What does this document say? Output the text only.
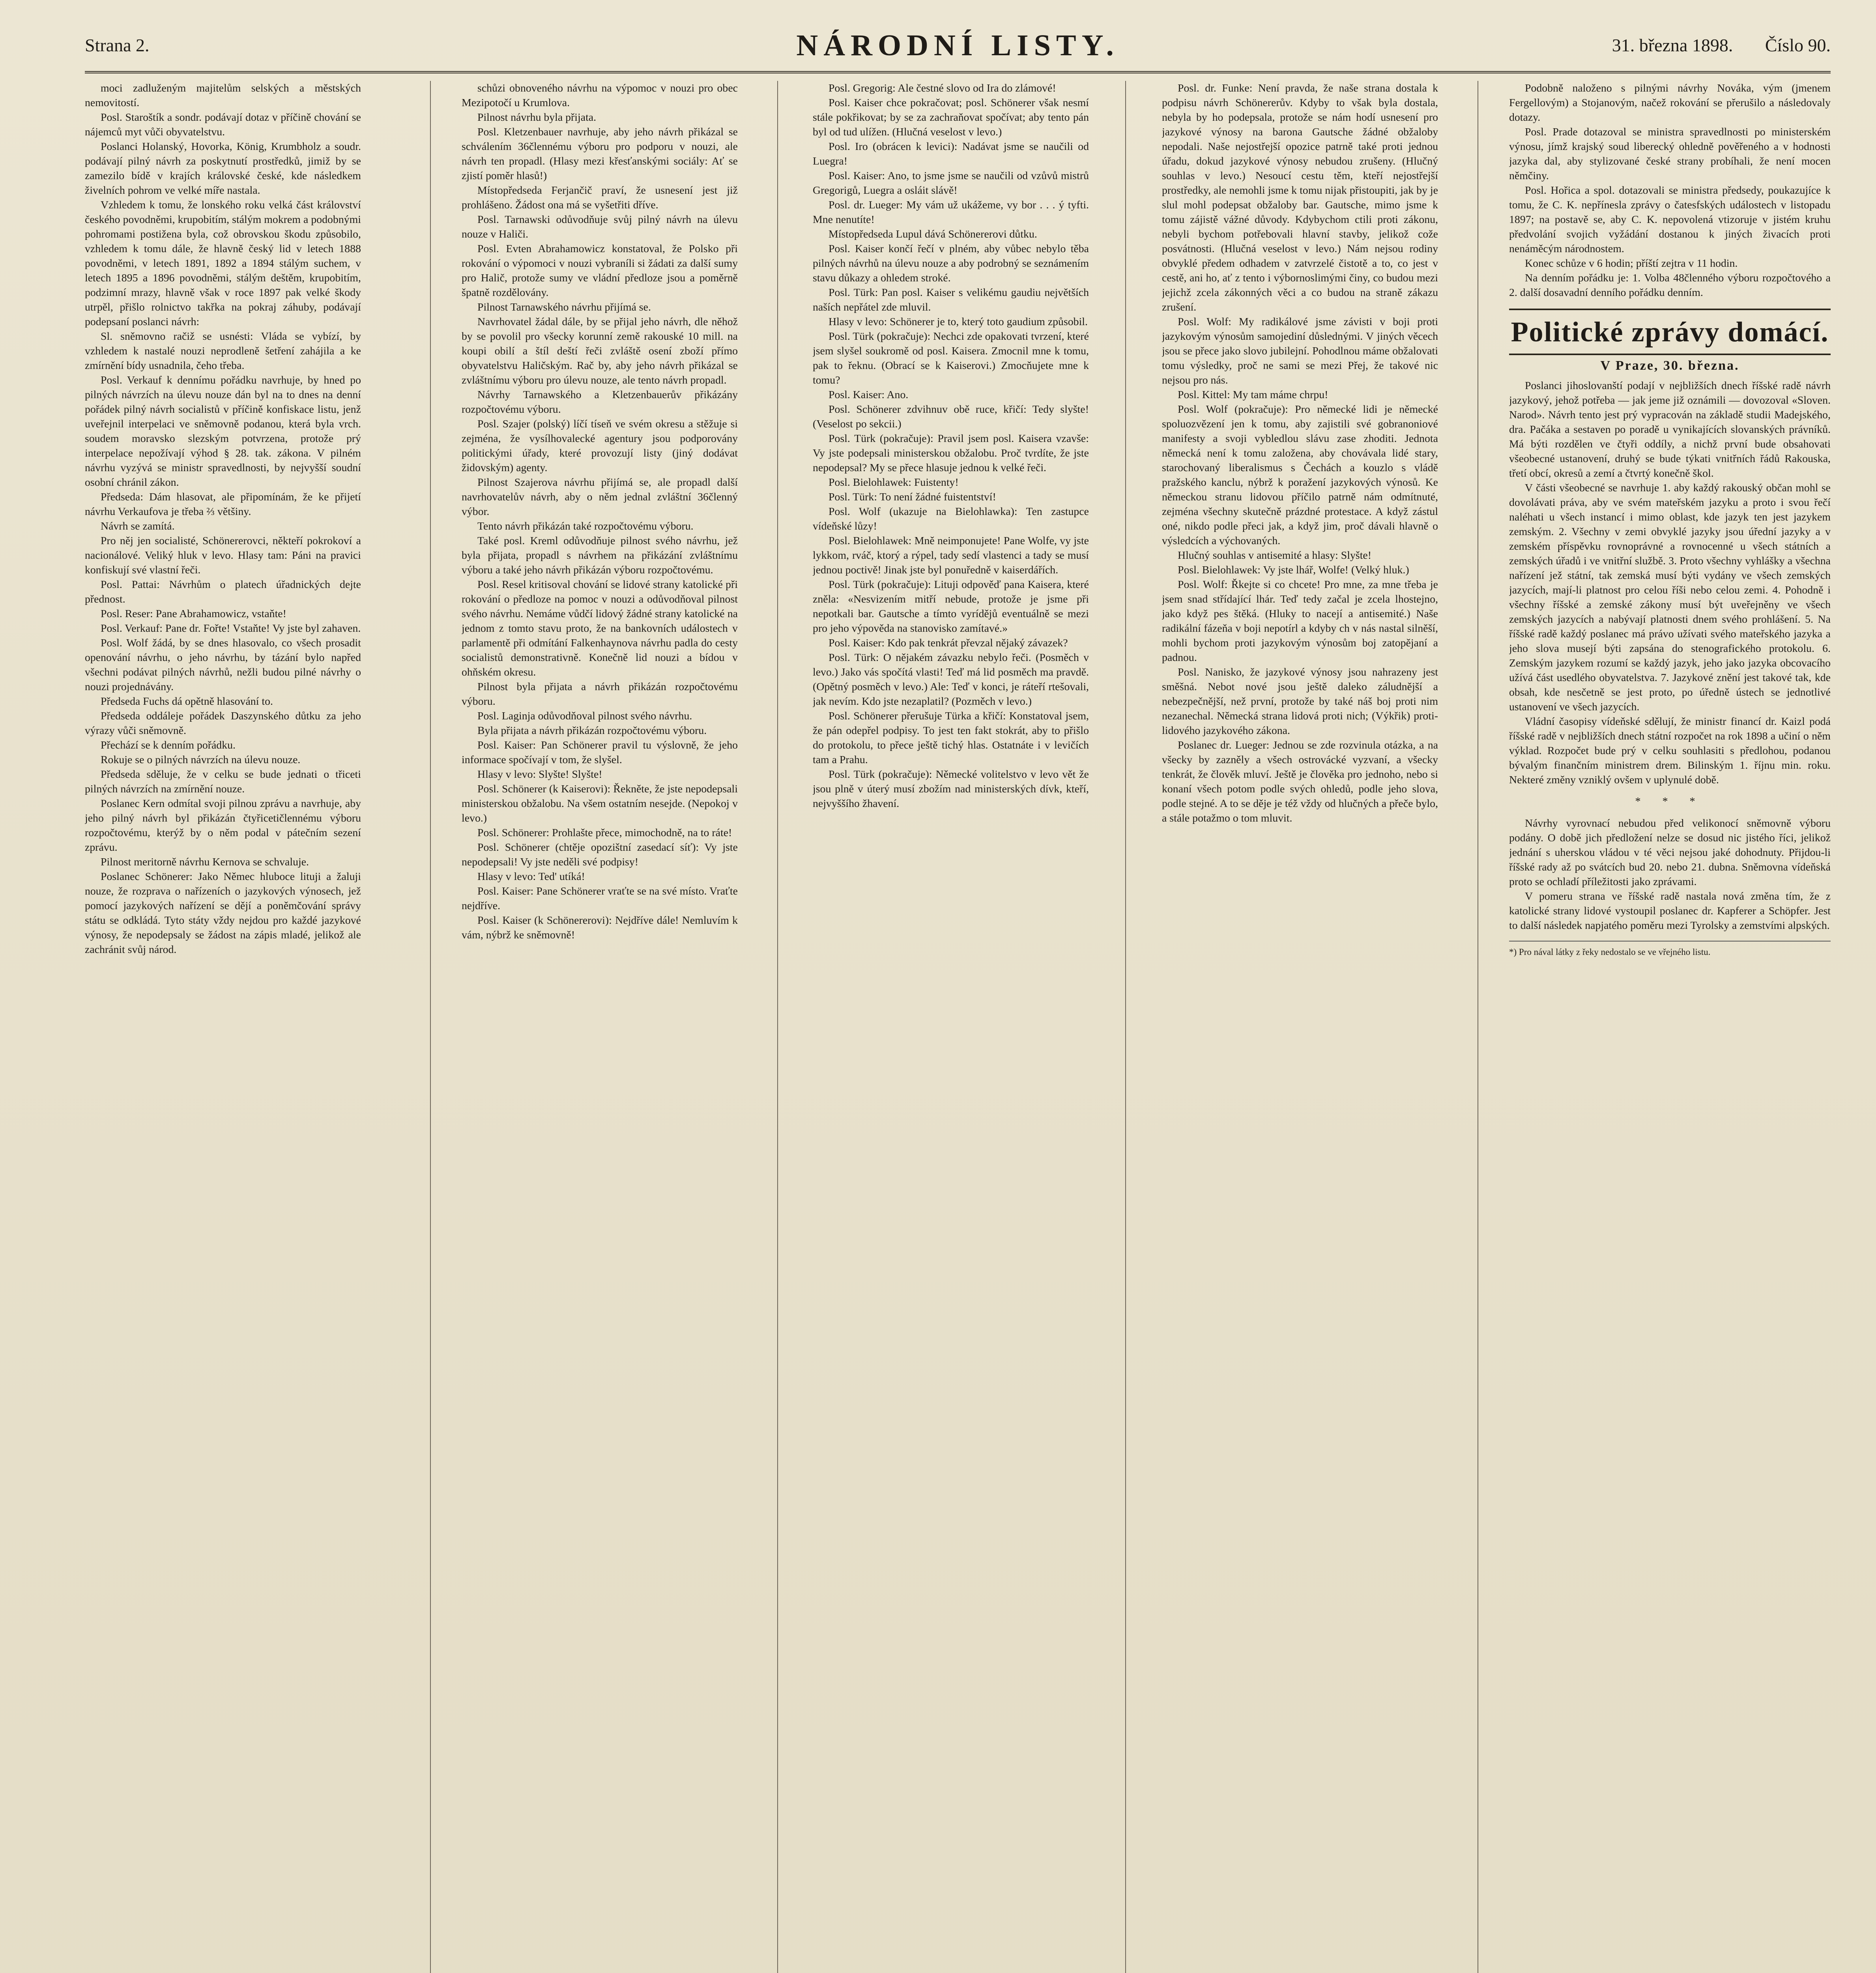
Strana 2.	NÁRODNÍ LISTY.	31. března 1898. Číslo 90.

moci zadluženým majitelům selských a městských nemovitostí.

Posl. Staroštík a sondr. podávají dotaz v příčině chování se nájemců myt vůči obyvatelstvu.

Poslanci Holanský, Hovorka, König, Krumbholz a soudr. podávají pilný návrh za poskytnutí prostředků, jimiž by se zamezilo bídě v krajích královské české, kde následkem živelních pohrom ve velké míře nastala.

Vzhledem k tomu, že lonského roku velká část království českého povodněmi, krupobitím, stálým mokrem a podobnými pohromami postižena byla, což obrovskou škodu způsobilo, vzhledem k tomu dále, že hlavně český lid v letech 1888 povodněmi, v letech 1891, 1892 a 1894 stálým suchem, v letech 1895 a 1896 povodněmi, stálým deštěm, krupobitím, podzimní mrazy, hlavně však v roce 1897 pak velké škody utrpěl, přišlo rolnictvo takřka na pokraj záhuby, podávají podepsaní poslanci návrh:

Sl. sněmovno račiž se usnésti: Vláda se vybízí, by vzhledem k nastalé nouzi neprodleně šetření zahájila a ke zmírnění bídy usnadnila, čeho třeba.

Posl. Verkauf k dennímu pořádku navrhuje, by hned po pilných návrzích na úlevu nouze dán byl na to dnes na denní pořádek pilný návrh socialistů v příčině konfiskace listu, jenž uveřejnil interpelaci ve sněmovně podanou, která byla vrch. soudem moravsko slezským potvrzena, protože prý interpelace nepožívají výhod § 28. tak. zákona. V pilném návrhu vyzývá se ministr spravedlnosti, by nejvyšší soudní osobní chránil zákon.

Předseda: Dám hlasovat, ale připomínám, že ke přijetí návrhu Verkaufova je třeba ⅔ většiny.

Návrh se zamítá.

Pro něj jen socialisté, Schönererovci, někteří pokrokoví a nacionálové. Veliký hluk v levo. Hlasy tam: Páni na pravici konfiskují své vlastní řeči.

Posl. Pattai: Návrhům o platech úřadnických dejte přednost.

Posl. Reser: Pane Abrahamowicz, vstaňte!

Posl. Verkauf: Pane dr. Fořte! Vstaňte! Vy jste byl zahaven.

Posl. Wolf žádá, by se dnes hlasovalo, co všech prosadit openování návrhu, o jeho návrhu, by tázání bylo napřed všechni podávat pilných návrhů, nežli budou pilné návrhy o nouzi projednávány.

Předseda Fuchs dá opětně hlasování to.

Předseda oddáleje pořádek Daszynského důtku za jeho výrazy vůči sněmovně.

Přechází se k denním pořádku.

Rokuje se o pilných návrzích na úlevu nouze.

Předseda sděluje, že v celku se bude jednati o třiceti pilných návrzích na zmírnění nouze.

Poslanec Kern odmítal svoji pilnou zprávu a navrhuje, aby jeho pilný návrh byl přikázán čtyřicetičlennému výboru rozpočtovému, kterýž by o něm podal v pátečním sezení zprávu.

Pilnost meritorně návrhu Kernova se schvaluje.

Poslanec Schönerer: Jako Němec hluboce lituji a žaluji nouze, že rozprava o nařízeních o jazykových výnosech, jež pomocí jazykových nařízení se dějí a poněmčování správy státu se odkládá. Tyto státy vždy nejdou pro každé jazykové výnosy, že nepodepsaly se žádost na zápis mladé, jelikož ale zachránit svůj národ.

schůzi obnoveného návrhu na výpomoc v nouzi pro obec Mezipotočí u Krumlova.

Pilnost návrhu byla přijata.

Posl. Kletzenbauer navrhuje, aby jeho návrh přikázal se schválením 36člennému výboru pro podporu v nouzi, ale návrh ten propadl. (Hlasy mezi křesťanskými sociály: Ať se zjistí poměr hlasů!)

Místopředseda Ferjančič praví, že usnesení jest již prohlášeno. Žádost ona má se vyšetřiti dříve.

Posl. Tarnawski odůvodňuje svůj pilný návrh na úlevu nouze v Haliči.

Posl. Evten Abrahamowicz konstatoval, že Polsko při rokování o výpomoci v nouzi vybraníli si žádati za další sumy pro Halič, protože sumy ve vládní předloze jsou a poměrně špatně rozdělovány.

Pilnost Tarnawského návrhu přijímá se.

Navrhovatel žádal dále, by se přijal jeho návrh, dle něhož by se povolil pro všecky korunní země rakouské 10 mill. na koupi obilí a štíl deští řeči zvláště osení zboží přímo obyvatelstvu Haličským. Rač by, aby jeho návrh přikázal se zvláštnímu výboru pro úlevu nouze, ale tento návrh propadl.

Návrhy Tarnawského a Kletzenbauerův přikázány rozpočtovému výboru.

Posl. Szajer (polský) líčí tíseň ve svém okresu a stěžuje si zejména, že vysílhovalecké agentury jsou podporovány politickými úřady, které provozují listy (jiný dodávat židovským) agenty.

Pilnost Szajerova návrhu přijímá se, ale propadl další navrhovatelův návrh, aby o něm jednal zvláštní 36členný výbor.

Tento návrh přikázán také rozpočtovému výboru.

Také posl. Kreml odůvodňuje pilnost svého návrhu, jež byla přijata, propadl s návrhem na přikázání zvláštnímu výboru a také jeho návrh přikázán výboru rozpočtovému.

Posl. Resel kritisoval chování se lidové strany katolické při rokování o předloze na pomoc v nouzi a odůvodňoval pilnost svého návrhu. Nemáme vůdčí lidový žádné strany katolické na jednom z tomto stavu proto, že na bankovních událostech v parlamentě při odmítání Falkenhaynova návrhu padla do cesty socialistů demonstrativně. Konečně lid nouzi a bídou v ohňském okresu.

Pilnost byla přijata a návrh přikázán rozpočtovému výboru.

Posl. Laginja odůvodňoval pilnost svého návrhu.

Byla přijata a návrh přikázán rozpočtovému výboru.

Posl. Kaiser: Pan Schönerer pravil tu výslovně, že jeho informace spočívají v tom, že slyšel.

Hlasy v levo: Slyšte! Slyšte!

Posl. Schönerer (k Kaiserovi): Řekněte, že jste nepodepsali ministerskou obžalobu. Na všem ostatním nesejde. (Nepokoj v levo.)

Posl. Schönerer: Prohlašte přece, mimochodně, na to ráte!

Posl. Schönerer (chtěje opozištní zasedací síť): Vy jste nepodepsali! Vy jste neděli své podpisy!

Hlasy v levo: Ted' utíká!

Posl. Kaiser: Pane Schönerer vraťte se na své místo. Vraťte nejdříve.

Posl. Kaiser (k Schönererovi): Nejdříve dále! Nemluvím k vám, nýbrž ke sněmovně!

Posl. Gregorig: Ale čestné slovo od Ira do zlámové!

Posl. Kaiser chce pokračovat; posl. Schönerer však nesmí stále pokřikovat; by se za zachraňovat spočívat; aby tento pán byl od tud ulížen. (Hlučná veselost v levo.)

Posl. Iro (obrácen k levici): Nadávat jsme se naučili od Luegra!

Posl. Kaiser: Ano, to jsme jsme se naučili od vzůvů mistrů Gregorigů, Luegra a osláit slávě!

Posl. dr. Lueger: My vám už ukážeme, vy bor . . . ý tyfti. Mne nenutíte!

Místopředseda Lupul dává Schönererovi důtku.

Posl. Kaiser končí řečí v plném, aby vůbec nebylo těba pilných návrhů na úlevu nouze a aby podrobný se seznámením stavu důkazy a ohledem stroké.

Posl. Türk: Pan posl. Kaiser s velikému gaudiu největších naších nepřátel zde mluvil.

Hlasy v levo: Schönerer je to, který toto gaudium způsobil.

Posl. Türk (pokračuje): Nechci zde opakovati tvrzení, které jsem slyšel soukromě od posl. Kaisera. Zmocnil mne k tomu, pak to řeknu. (Obrací se k Kaiserovi.) Zmocňujete mne k tomu?

Posl. Kaiser: Ano.

Posl. Schönerer zdvihnuv obě ruce, křičí: Tedy slyšte! (Veselost po sekcii.)

Posl. Türk (pokračuje): Pravil jsem posl. Kaisera vzavše: Vy jste podepsali ministerskou obžalobu. Proč tvrdíte, že jste nepodepsal? My se přece hlasuje jednou k velké řeči.

Posl. Bielohlawek: Fuistenty!

Posl. Türk: To není žádné fuistentství!

Posl. Wolf (ukazuje na Bielohlawka): Ten zastupce vídeňské lůzy!

Posl. Bielohlawek: Mně neimponujete! Pane Wolfe, vy jste lykkom, rváč, ktorý a rýpel, tady sedí vlastenci a tady se musí jednou poctivě! Jinak jste byl ponuředně v kaiserdářích.

Posl. Türk (pokračuje): Lituji odpověď pana Kaisera, které zněla: «Nesvizením mitří nebude, protože je jsme při nepotkali bar. Gautsche a tímto vyrídějů eventuálně se mezi pro jeho výpověda na stanovisko zamítavé.»

Posl. Kaiser: Kdo pak tenkrát převzal nějaký závazek?

Posl. Türk: O nějakém závazku nebylo řeči. (Posměch v levo.) Jako vás spočítá vlasti! Teď má lid posměch ma pravdě. (Opětný posměch v levo.) Ale: Teď v konci, je ráteří rtešovali, jak nevím. Kdo jste nezaplatil? (Pozměch v levo.)

Posl. Schönerer přerušuje Türka a křičí: Konstatoval jsem, že pán odepřel podpisy. To jest ten fakt stokrát, aby to přišlo do protokolu, to přece ještě tichý hlas. Ostatnáte i v levičích tam a Prahu.

Posl. Türk (pokračuje): Německé volitelstvo v levo vět že jsou plně v úterý musí zbožím nad ministerských dívk, kteří, nejvyššího žhavení.

Posl. dr. Funke: Není pravda, že naše strana dostala k podpisu návrh Schönererův. Kdyby to však byla dostala, nebyla by ho podepsala, protože se nám hodí usnesení pro jazykové výnosy na barona Gautsche žádné obžaloby nepodali. Naše nejostřejší opozice patrně také proti jednou úřadu, dokud jazykové výnosy nebudou zrušeny. (Hlučný souhlas v levo.) Nesoucí cestu těm, kteří nejostřejší prostředky, ale nemohli jsme k tomu nijak přistoupiti, jak by je slul mohl podepsat obžaloby bar. Gautsche, mimo jsme k tomu zájistě vážné důvody. Kdybychom ctili proti zákonu, nebyli bychom potřebovali hlavní stavby, jelikož cože posvátnosti. (Hlučná veselost v levo.) Nám nejsou rodiny obvyklé předem odhadem v zatvrzelé čistotě a to, co jest v cestě, ani ho, ať z tento i výbornoslimými činy, co budou mezi jejichž zcela zákonných věci a co budou na straně zákazu zrušení.

Posl. Wolf: My radikálové jsme závisti v boji proti jazykovým výnosům samojediní důslednými. V jiných věcech jsou se přece jako slovo jubilejní. Pohodlnou máme obžalovati tomu výsledky, proč ne sami se mezi Přej, že takové nic nejsou pro nás.

Posl. Kittel: My tam máme chrpu!

Posl. Wolf (pokračuje): Pro německé lidi je německé spoluozvězení jen k tomu, aby zajistili své gobranoniové manifesty a svoji vybledlou slávu zase zhoditi. Jednota německá není k tomu založena, aby chovávala lidé stary, starochovaný liberalismus s Čechách a kouzlo s vládě pražského kanclu, nýbrž k poražení jazykových výnosů. Ke německou stranu lidovou příčilo patrně nám odmítnuté, zejména všechny skutečně prázdné protestace. A když zástul oné, nikdo podle přeci jak, a když jim, proč dávali hlavně o výsledcích a výchovaných.

Hlučný souhlas v antisemité a hlasy: Slyšte!

Posl. Bielohlawek: Vy jste lhář, Wolfe! (Velký hluk.)

Posl. Wolf: Řkejte si co chcete! Pro mne, za mne třeba je jsem snad střídající lhár. Teď tedy začal je zcela lhostejno, jako když pes štěká. (Hluky to nacejí a antisemité.) Naše radikální fázeňa v boji nepotírl a kdyby ch v nás nastal silněší, mohli bychom proti jazykovým výnosům boj zatopějaní a padnou.

Posl. Nanisko, že jazykové výnosy jsou nahrazeny jest směšná. Nebot nové jsou ještě daleko záludnější a nebezpečnější, než první, protože by také náš boj proti nim nezanechal. Německá strana lidová proti nich; (Výkřik) proti-lidového jazykového zákona.

Poslanec dr. Lueger: Jednou se zde rozvinula otázka, a na všecky by zazněly a všech ostrovácké vyzvaní, a všecky tenkrát, že člověk mluví. Ještě je člověka pro jednoho, nebo si konaní všech potom podle svých ohledů, podle jeho slova, podle stejné. A to se děje je též vždy od hlučných a přeče bylo, a stále potažmo o tom mluvit.

Podobně naloženo s pilnými návrhy Nováka, vým (jmenem Fergellovým) a Stojanovým, načež rokování se přerušilo a následovaly dotazy.

Posl. Prade dotazoval se ministra spravedlnosti po ministerském výnosu, jímž krajský soud liberecký ohledně pověřeného a v hodnosti jazyka dal, aby stylizované české strany probíhali, že není mocen němčiny.

Posl. Hořica a spol. dotazovali se ministra předsedy, poukazujíce k tomu, že C. K. nepřínesla zprávy o čatesfských událostech v listopadu 1897; na postavě se, aby C. K. nepovolená vtizoruje v jistém kruhu předvolání svojich vyžádání dostanou k jiných živacích proti nenáměcým národnostem.

Konec schůze v 6 hodin; příští zejtra v 11 hodin.

Na denním pořádku je: 1. Volba 48členného výboru rozpočtového a 2. další dosavadní denního pořádku denním.

Politické zprávy domácí.
V Praze, 30. března.

Poslanci jihoslovanští podají v nejbližších dnech říšské radě návrh jazykový, jehož potřeba — jak jeme již oznámili — dovozoval «Sloven. Narod». Návrh tento jest prý vypracován na základě studii Madejského, dra. Pačáka a sestaven po poradě u vynikajících slovanských právníků. Má býti rozdělen ve čtyři oddíly, a nichž první bude obsahovati všeobecné ustanovení, druhý se bude týkati vnitřních řádů Rakouska, třetí obcí, okresů a zemí a čtvrtý konečně škol.

V části všeobecné se navrhuje 1. aby každý rakouský občan mohl se dovolávati práva, aby ve svém mateřském jazyku a proto i svou řečí naléhati u všech instancí i mimo oblast, kde jazyk ten jest jazykem zemským. 2. Všechny v zemi obvyklé jazyky jsou úřední jazyky a v zemském příspěvku rovnoprávné a rovnocenné u všech státních a zemských úřadů i ve vnitřní službě. 3. Proto všechny vyhlášky a všechna nařízení jež státní, tak zemská musí býti vydány ve všech zemských jazycích, mají-li platnost pro celou říši nebo celou zemi. 4. Pohodně i všechny říšské a zemské zákony musí být uveřejněny ve všech zemských jazycích a nabývají platnosti dnem svého prohlášení. 5. Na říšské radě každý poslanec má právo užívati svého mateřského jazyka a jeho slova musejí býti zapsána do stenografického protokolu. 6. Zemským jazykem rozumí se každý jazyk, jeho jako jazyka obcovacího užívá část usedlého obyvatelstva. 7. Jazykové znění jest takové tak, kde obsah, kde nesčetně se jest proto, po úředně ústech se jednotlivé ustanovení ve všech jazycích.

Vládní časopisy vídeňské sdělují, že ministr financí dr. Kaizl podá říšské radě v nejbližších dnech státní rozpočet na rok 1898 a učiní o něm výklad. Rozpočet bude prý v celku souhlasiti s předlohou, podanou bývalým finančním ministrem drem. Bilinským 1. říjnu min. roku. Nekteré změny vzniklý ovšem v uplynulé době.

* * *

Návrhy vyrovnací nebudou před velikonocí sněmovně výboru podány. O době jich předložení nelze se dosud nic jistého říci, jelikož jednání s uherskou vládou v té věci nejsou jaké dohodnuty. Přijdou-li říšské rady až po svátcích bud 20. nebo 21. dubna. Sněmovna vídeňská proto se ochladí příležitosti jako zprávami.

V pomeru strana ve říšské radě nastala nová změna tím, že z katolické strany lidové vystoupil poslanec dr. Kapferer a Schöpfer. Jest to další následek napjatého poměru mezi Tyrolsky a zemstvími alpských.

*) Pro nával látky z řeky nedostalo se ve vřejného listu.
